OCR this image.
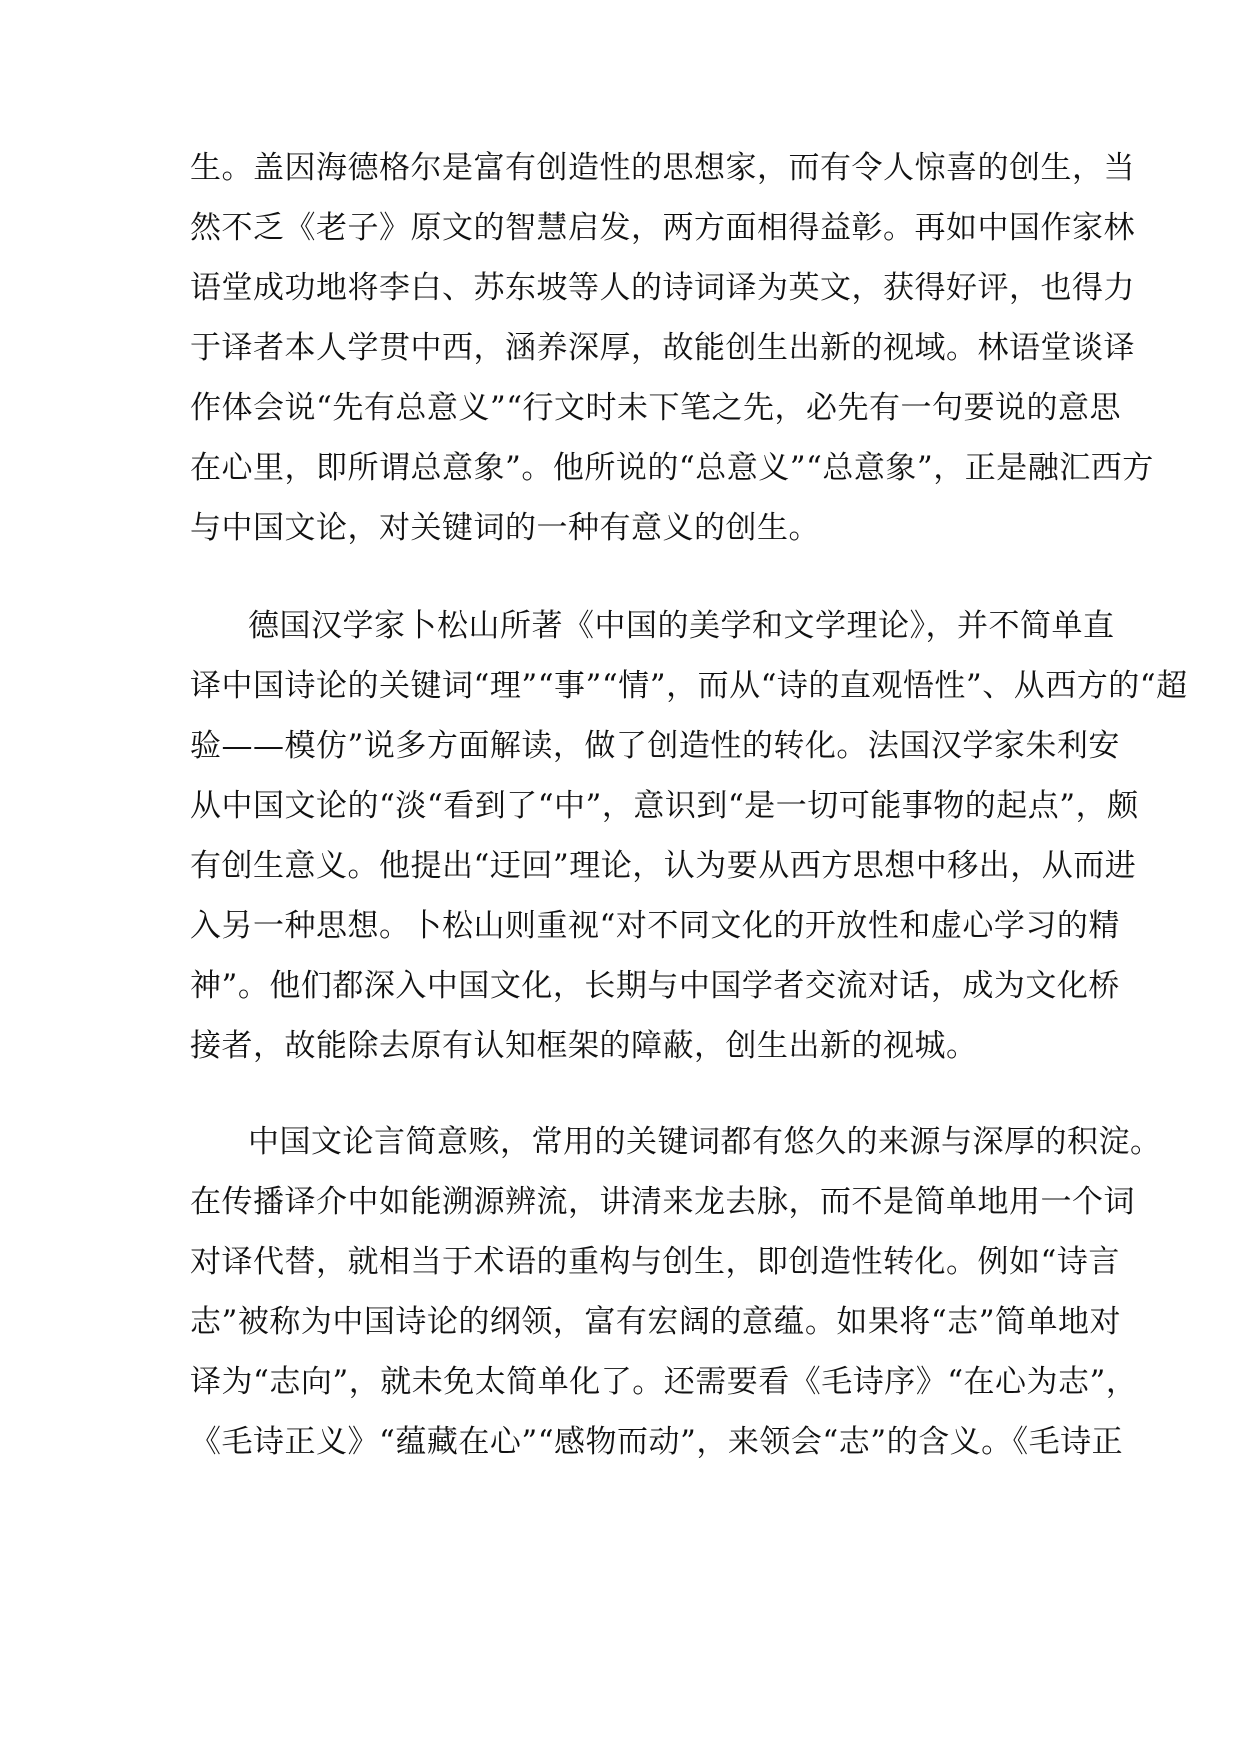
生。盖因海德格尔是富有创造性的思想家，而有令人惊喜的创生，当
然不乏《老子》原文的智慧启发，两方面相得益彰。再如中国作家林
语堂成功地将李白、苏东坡等人的诗词译为英文，获得好评，也得力
于译者本人学贯中西，涵养深厚，故能创生出新的视域。林语堂谈译
作体会说“先有总意义”“行文时未下笔之先，必先有一句要说的意思
在心里，即所谓总意象”。他所说的“总意义”“总意象”，正是融汇西方
与中国文论，对关键词的一种有意义的创生。
德国汉学家卜松山所著《中国的美学和文学理论》，并不简单直
译中国诗论的关键词“理”“事”“情”，而从“诗的直观悟性”、从西方的“超
验——模仿”说多方面解读，做了创造性的转化。法国汉学家朱利安
从中国文论的“淡“看到了“中”，意识到“是一切可能事物的起点”，颇
有创生意义。他提出“迂回”理论，认为要从西方思想中移出，从而进
入另一种思想。卜松山则重视“对不同文化的开放性和虚心学习的精
神”。他们都深入中国文化，长期与中国学者交流对话，成为文化桥
接者，故能除去原有认知框架的障蔽，创生出新的视城。
中国文论言简意赅，常用的关键词都有悠久的来源与深厚的积淀。
在传播译介中如能溯源辨流，讲清来龙去脉，而不是简单地用一个词
对译代替，就相当于术语的重构与创生，即创造性转化。例如“诗言
志”被称为中国诗论的纲领，富有宏阔的意蕴。如果将“志”简单地对
译为“志向”，就未免太简单化了。还需要看《毛诗序》“在心为志”，
《毛诗正义》“蕴藏在心”“感物而动”，来领会“志”的含义。《毛诗正
